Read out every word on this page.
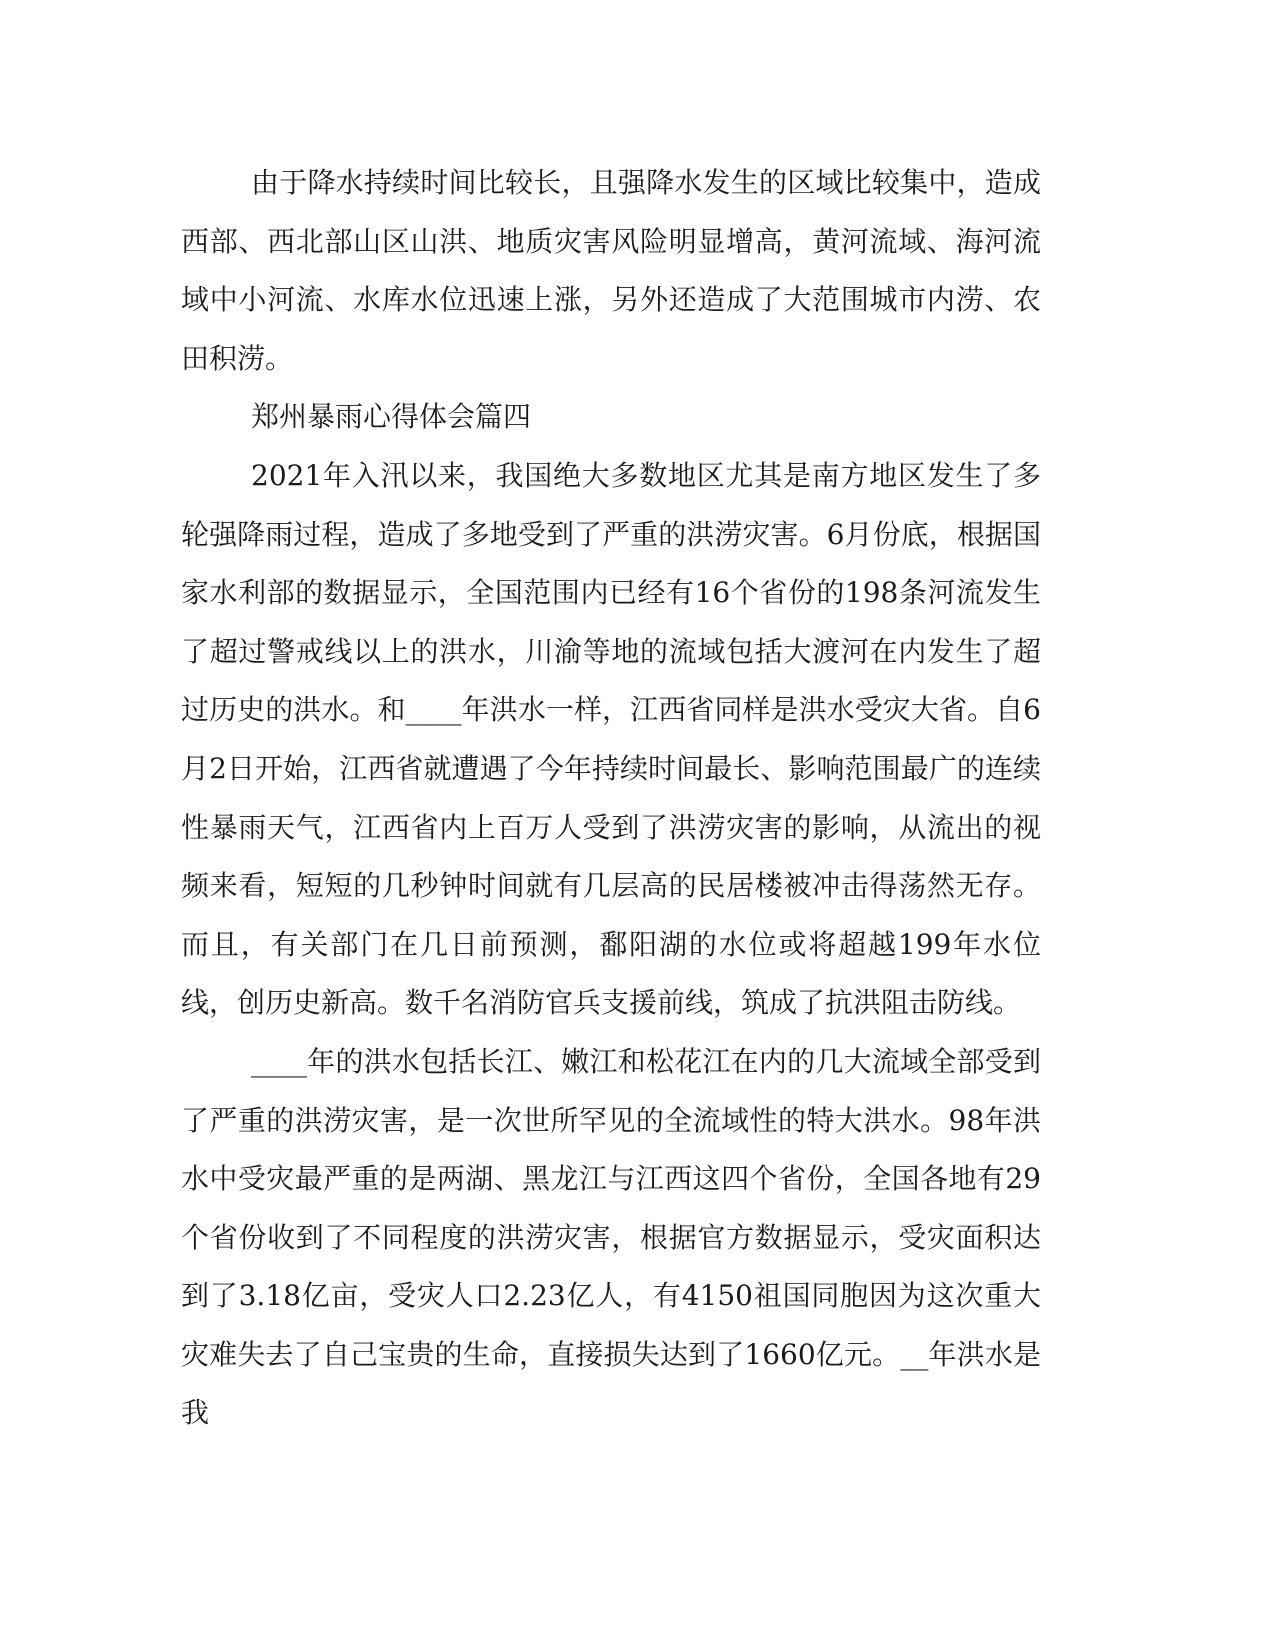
由于降水持续时间比较长，且强降水发生的区域比较集中，造成西部、西北部山区山洪、地质灾害风险明显增高，黄河流域、海河流域中小河流、水库水位迅速上涨，另外还造成了大范围城市内涝、农田积涝。

郑州暴雨心得体会篇四

2021年入汛以来，我国绝大多数地区尤其是南方地区发生了多轮强降雨过程，造成了多地受到了严重的洪涝灾害。6月份底，根据国家水利部的数据显示，全国范围内已经有16个省份的198条河流发生了超过警戒线以上的洪水，川渝等地的流域包括大渡河在内发生了超过历史的洪水。和____年洪水一样，江西省同样是洪水受灾大省。自6月2日开始，江西省就遭遇了今年持续时间最长、影响范围最广的连续性暴雨天气，江西省内上百万人受到了洪涝灾害的影响，从流出的视频来看，短短的几秒钟时间就有几层高的民居楼被冲击得荡然无存。而且，有关部门在几日前预测，鄱阳湖的水位或将超越199年水位线，创历史新高。数千名消防官兵支援前线，筑成了抗洪阻击防线。

____年的洪水包括长江、嫩江和松花江在内的几大流域全部受到了严重的洪涝灾害，是一次世所罕见的全流域性的特大洪水。98年洪水中受灾最严重的是两湖、黑龙江与江西这四个省份，全国各地有29个省份收到了不同程度的洪涝灾害，根据官方数据显示，受灾面积达到了3.18亿亩，受灾人口2.23亿人，有4150祖国同胞因为这次重大灾难失去了自己宝贵的生命，直接损失达到了1660亿元。__年洪水是我
